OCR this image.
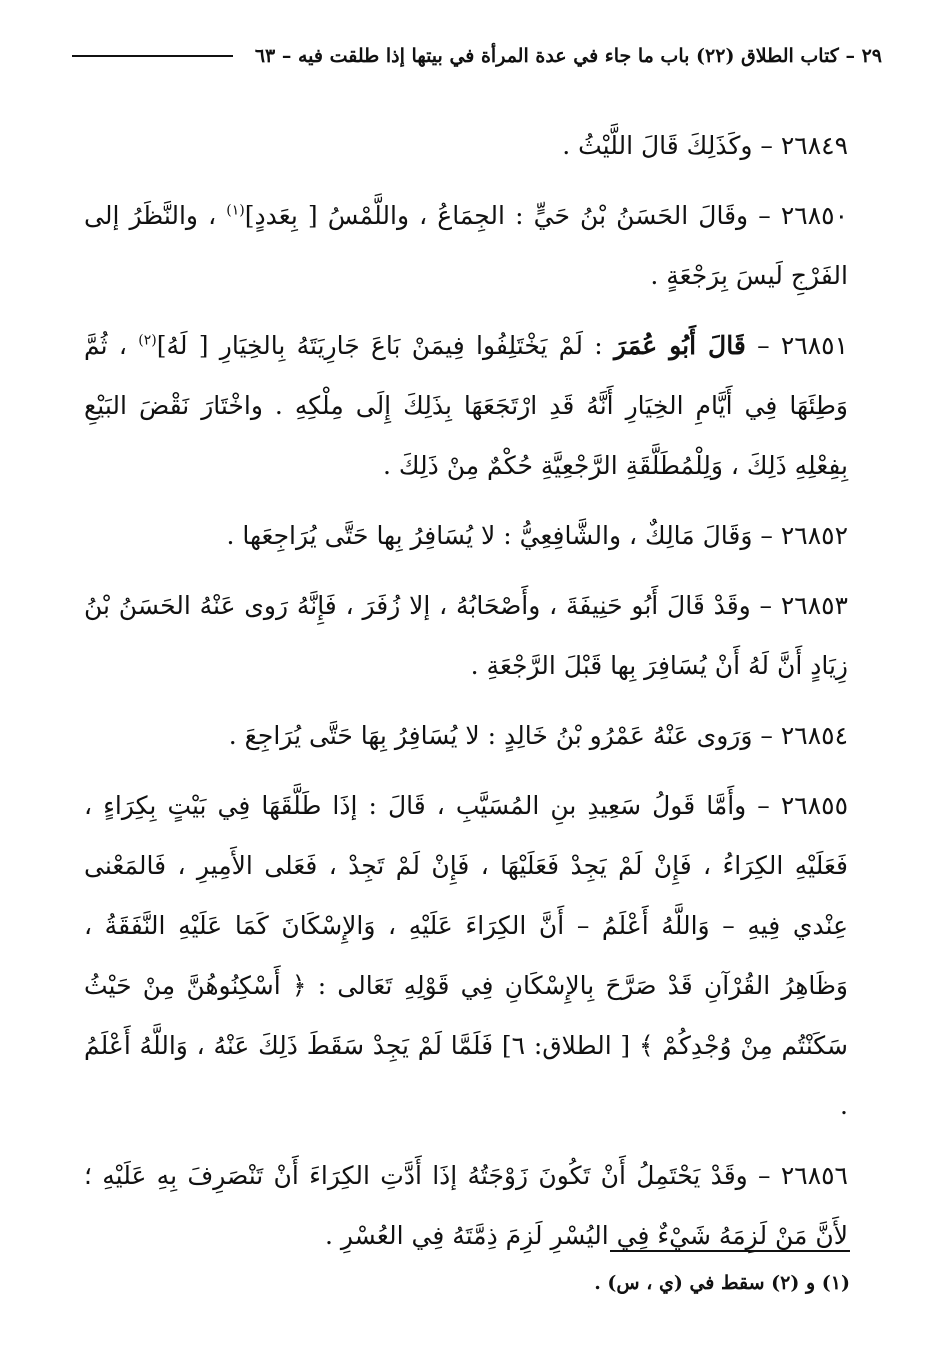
٢٩ – كتاب الطلاق (٢٢) باب ما جاء في عدة المرأة في بيتها إذا طلقت فيه – ٦٣

٢٦٨٤٩ – وكَذَلِكَ قَالَ اللَّيْثُ .

٢٦٨٥٠ – وقَالَ الحَسَنُ بْنُ حَيٍّ : الجِمَاعُ ، واللَّمْسُ [ بِعَددٍ]$^{(١)}$ ، والنَّظَرُ إلى الفَرْجِ لَيسَ بِرَجْعَةٍ .

٢٦٨٥١ – قَالَ أَبُو عُمَرَ : لَمْ يَخْتَلِفُوا فِيمَنْ بَاعَ جَارِيَتَهُ بِالخِيَارِ [ لَهُ]$^{(٢)}$ ، ثُمَّ وَطِئَهَا فِي أَيَّامِ الخِيَارِ أَنَّهُ قَدِ ارْتَجَعَهَا بِذَلِكَ إِلَى مِلْكِهِ . واخْتَارَ نَقْضَ البَيْعِ بِفِعْلِهِ ذَلِكَ ، وَلِلْمُطَلَّقَةِ الرَّجْعِيَّةِ حُكْمٌ مِنْ ذَلِكَ .

٢٦٨٥٢ – وَقَالَ مَالِكٌ ، والشَّافِعِيُّ : لا يُسَافِرُ بِها حَتَّى يُرَاجِعَها .

٢٦٨٥٣ – وقَدْ قَالَ أَبُو حَنِيفَةَ ، وأَصْحَابُهُ ، إلا زُفَرَ ، فَإِنَّهُ رَوى عَنْهُ الحَسَنُ بْنُ زِيَادٍ أَنَّ لَهُ أَنْ يُسَافِرَ بِها قَبْلَ الرَّجْعَةِ .

٢٦٨٥٤ – وَرَوى عَنْهُ عَمْرُو بْنُ خَالِدٍ : لا يُسَافِرُ بِهَا حَتَّى يُرَاجِعَ .

٢٦٨٥٥ – وأَمَّا قَولُ سَعِيدِ بنِ المُسَيَّبِ ، قَالَ : إذَا طَلَّقَهَا فِي بَيْتٍ بِكِرَاءٍ ، فَعَلَيْهِ الكِرَاءُ ، فَإِنْ لَمْ يَجِدْ فَعَلَيْهَا ، فَإِنْ لَمْ تَجِدْ ، فَعَلى الأَمِيرِ ، فَالمَعْنى عِنْدي فِيهِ – وَاللَّهُ أَعْلَمُ – أَنَّ الكِرَاءَ عَلَيْهِ ، وَالإِسْكَانَ كَمَا عَلَيْهِ النَّفَقَةُ ، وَظَاهِرُ القُرْآنِ قَدْ صَرَّحَ بِالإِسْكَانِ فِي قَوْلِهِ تَعَالى : ﴿ أَسْكِنُوهُنَّ مِنْ حَيْثُ سَكَنْتُم مِنْ وُجْدِكُمْ ﴾ [ الطلاق: ٦] فَلَمَّا لَمْ يَجِدْ سَقَطَ ذَلِكَ عَنْهُ ، وَاللَّهُ أَعْلَمُ .

٢٦٨٥٦ – وقَدْ يَحْتَمِلُ أَنْ تَكُونَ زَوْجَتُهُ إذَا أَدَّتِ الكِرَاءَ أَنْ تَنْصَرِفَ بِهِ عَلَيْهِ ؛ لأَنَّ مَنْ لَزِمَهُ شَيْءٌ فِي اليُسْرِ لَزِمَ ذِمَّتَهُ فِي العُسْرِ .

(١) و (٢) سقط في (ي ، س) .
